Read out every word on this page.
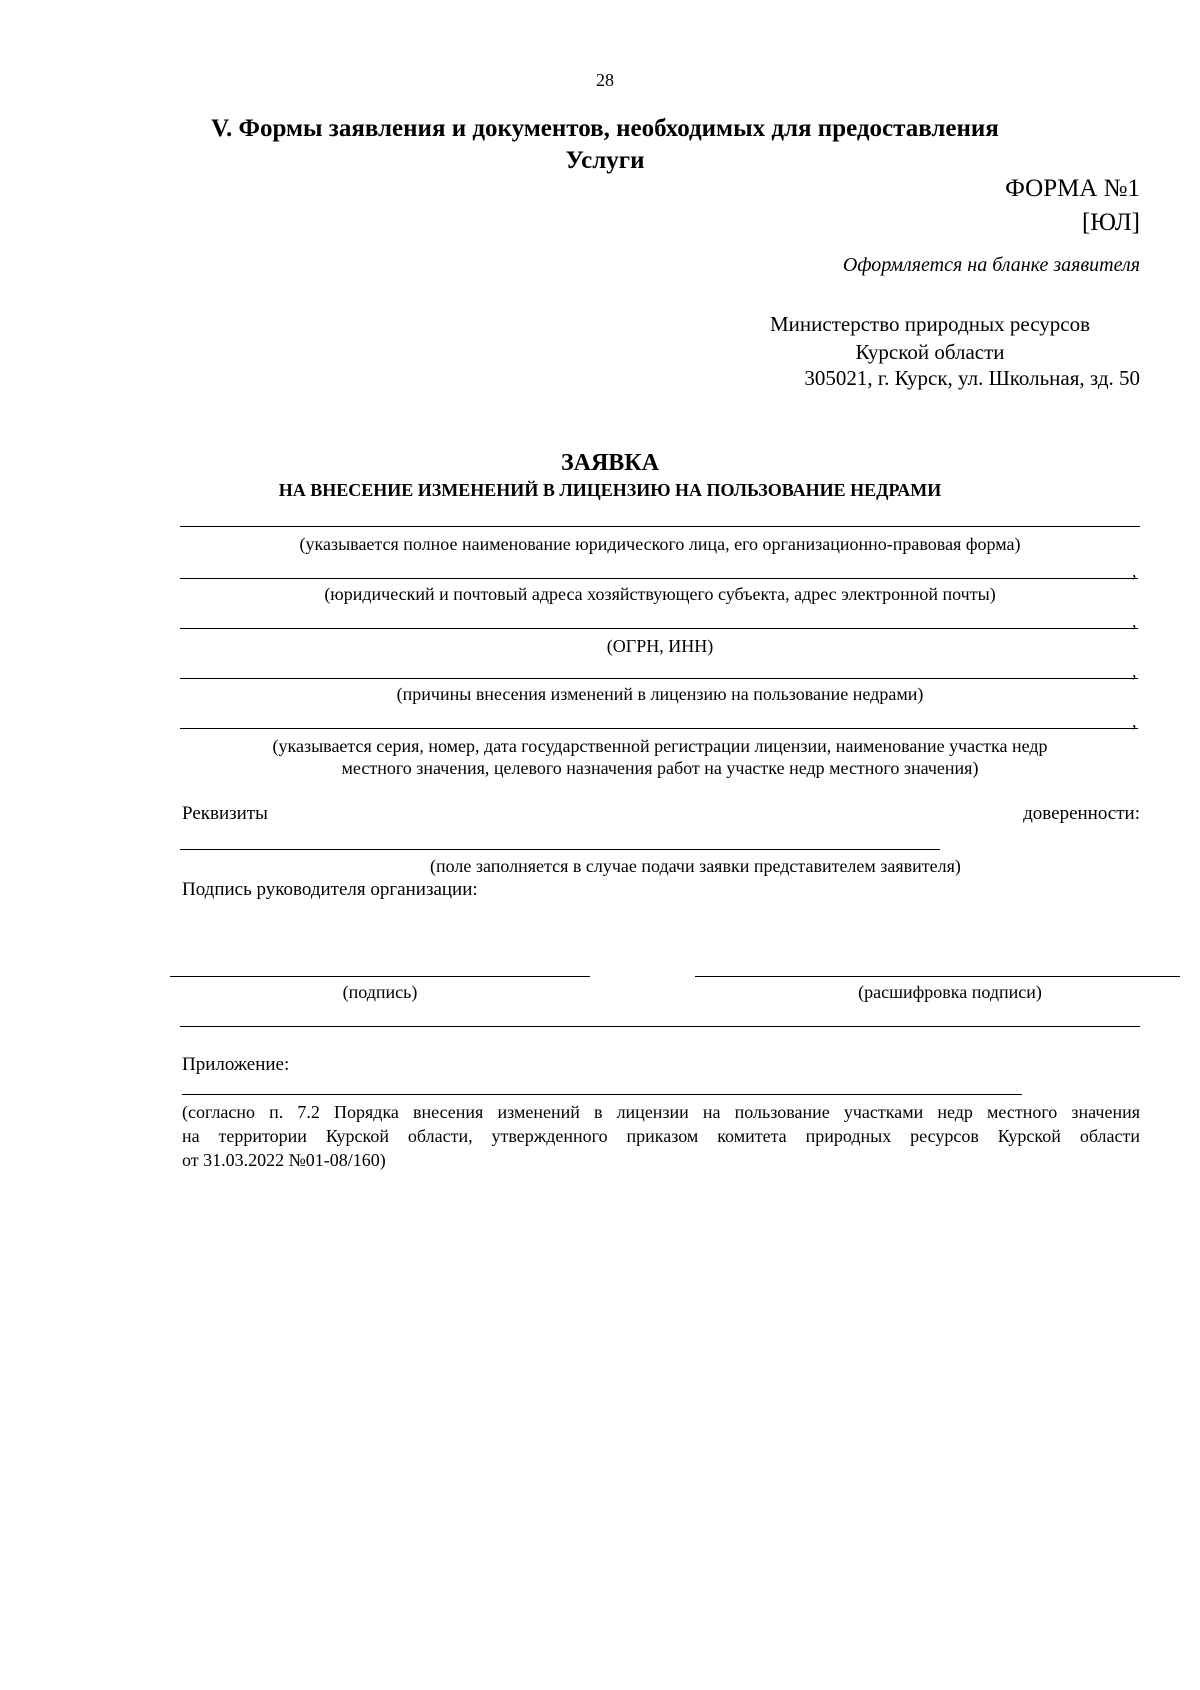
28
V. Формы заявления и документов, необходимых для предоставления
Услуги
ФОРМА №1
[ЮЛ]
Оформляется на бланке заявителя
Министерство природных ресурсов
Курской области
305021, г. Курск, ул. Школьная, зд. 50
ЗАЯВКА
НА ВНЕСЕНИЕ ИЗМЕНЕНИЙ В ЛИЦЕНЗИЮ НА ПОЛЬЗОВАНИЕ НЕДРАМИ
(указывается полное наименование юридического лица, его организационно-правовая форма)
,
(юридический и почтовый адреса хозяйствующего субъекта, адрес электронной почты)
,
(ОГРН, ИНН)
,
(причины внесения изменений в лицензию на пользование недрами)
,
(указывается серия, номер, дата государственной регистрации лицензии, наименование участка недр
местного значения, целевого назначения работ на участке недр местного значения)
Реквизиты	доверенности:
(поле заполняется в случае подачи заявки представителем заявителя)
Подпись руководителя организации:
(подпись)	(расшифровка подписи)
Приложение:
(согласно п. 7.2 Порядка внесения изменений в лицензии на пользование участками недр местного значения
на территории Курской области, утвержденного приказом комитета природных ресурсов Курской области
от 31.03.2022 №01-08/160)
